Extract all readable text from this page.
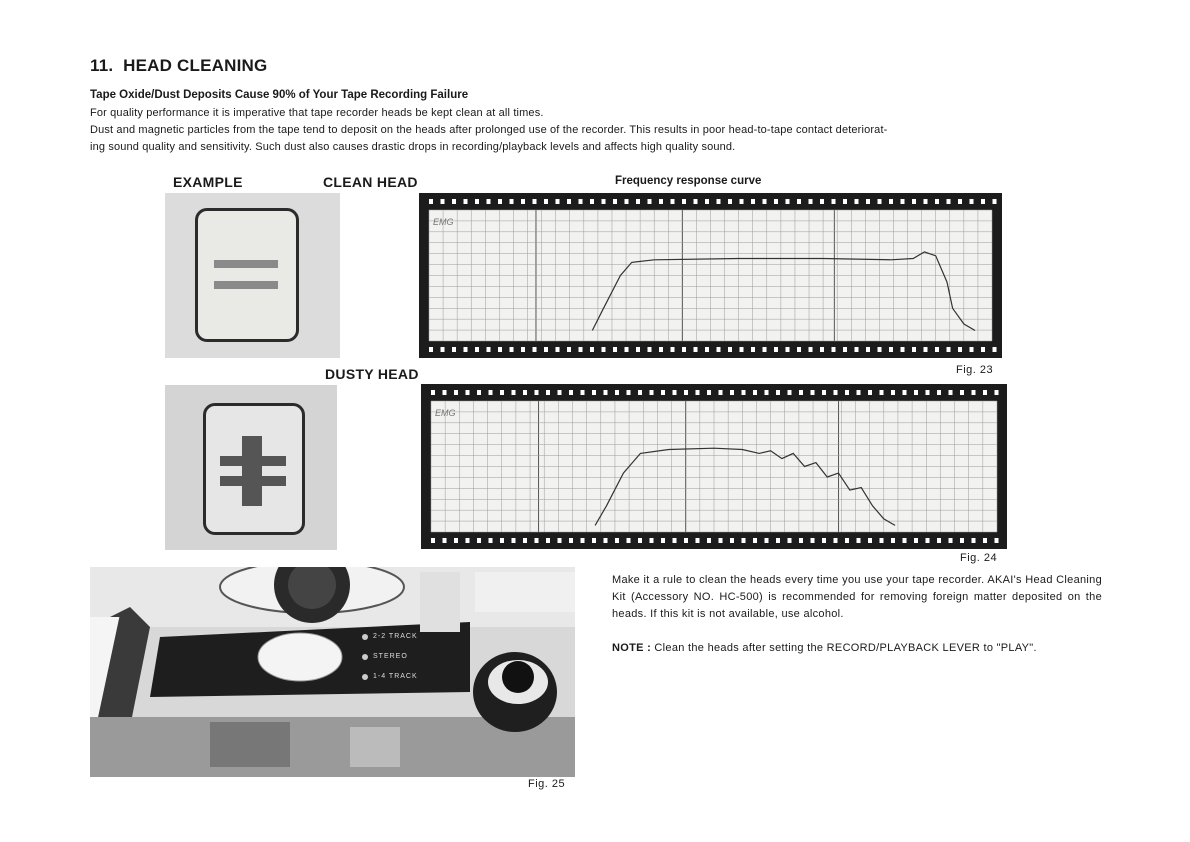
11. HEAD CLEANING
Tape Oxide/Dust Deposits Cause 90% of Your Tape Recording Failure
For quality performance it is imperative that tape recorder heads be kept clean at all times.
Dust and magnetic particles from the tape tend to deposit on the heads after prolonged use of the recorder. This results in poor head-to-tape contact deteriorat-
ing sound quality and sensitivity. Such dust also causes drastic drops in recording/playback levels and affects high quality sound.
EXAMPLE	CLEAN HEAD	Frequency response curve
DUSTY HEAD
EMG
Fig. 23
EMG
Fig. 24
2-2 TRACK
STEREO
1-4 TRACK
Fig. 25
Make it a rule to clean the heads every time you use your tape recorder. AKAI's Head Cleaning Kit (Accessory NO. HC-500) is recommended for removing foreign matter deposited on the heads. If this kit is not available, use alcohol.
NOTE : Clean the heads after setting the RECORD/PLAYBACK LEVER to "PLAY".
